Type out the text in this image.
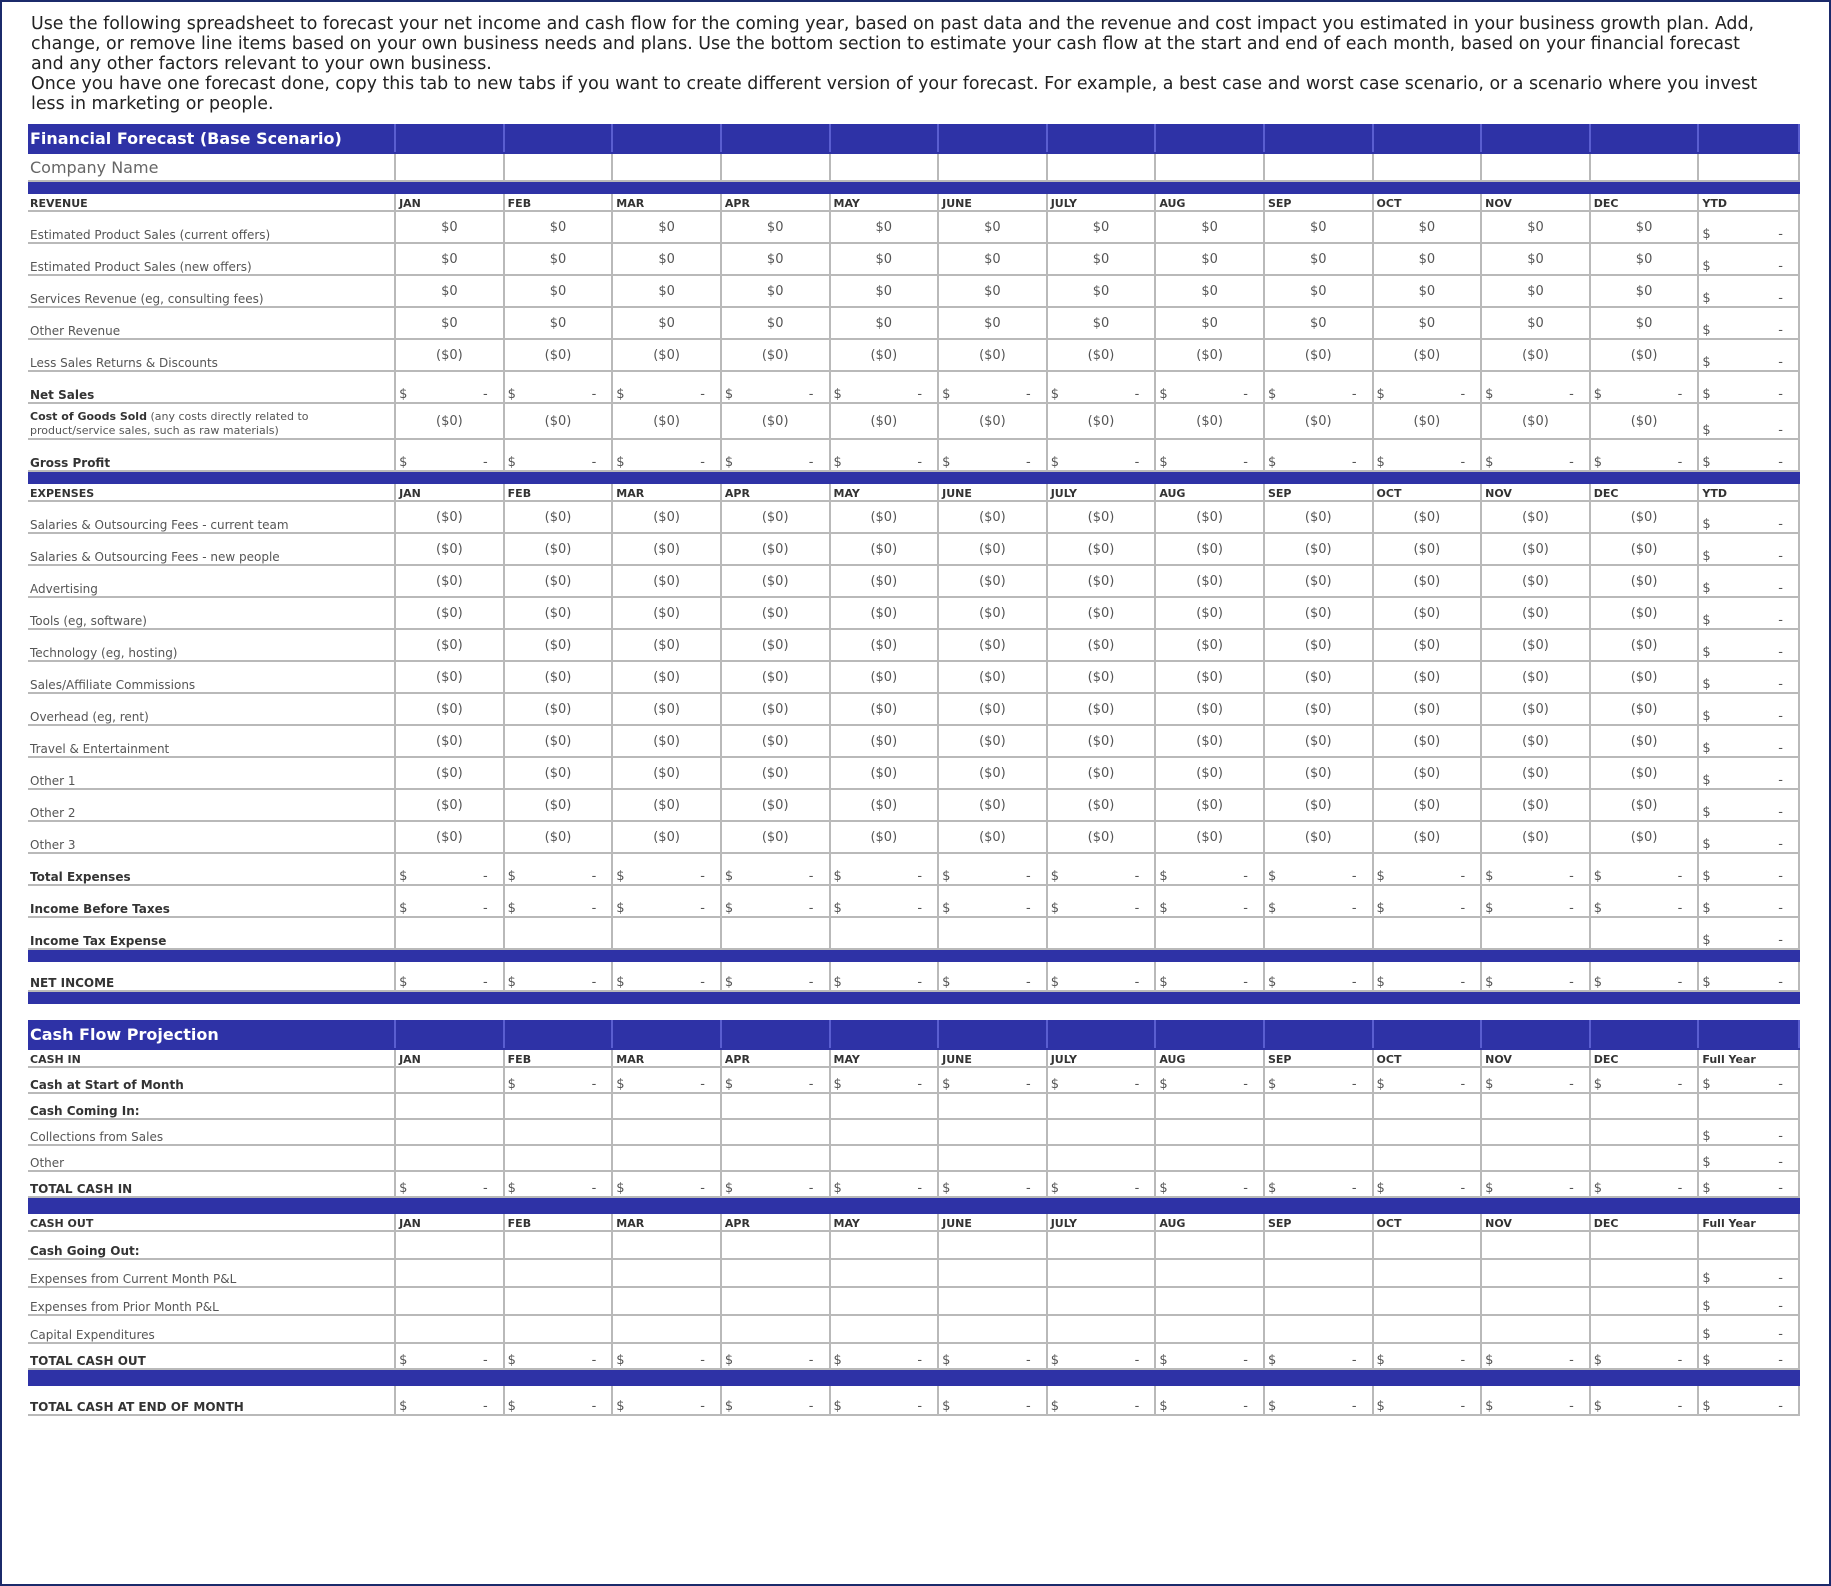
Use the following spreadsheet to forecast your net income and cash flow for the coming year, based on past data and the revenue and cost impact you estimated in your business growth plan. Add, change, or remove line items based on your own business needs and plans. Use the bottom section to estimate your cash flow at the start and end of each month, based on your financial forecast and any other factors relevant to your own business.

Once you have one forecast done, copy this tab to new tabs if you want to create different version of your forecast. For example, a best case and worst case scenario, or a scenario where you invest less in marketing or people.

Financial Forecast (Base Scenario)													
Company Name													

REVENUE	JAN	FEB	MAR	APR	MAY	JUNE	JULY	AUG	SEP	OCT	NOV	DEC	YTD
Estimated Product Sales (current offers)	$0	$0	$0	$0	$0	$0	$0	$0	$0	$0	$0	$0	$ -

Estimated Product Sales (new offers)	$0	$0	$0	$0	$0	$0	$0	$0	$0	$0	$0	$0	$ -

Services Revenue (eg, consulting fees)	$0	$0	$0	$0	$0	$0	$0	$0	$0	$0	$0	$0	$ -

Other Revenue	$0	$0	$0	$0	$0	$0	$0	$0	$0	$0	$0	$0	$ -

Less Sales Returns & Discounts	($0)	($0)	($0)	($0)	($0)	($0)	($0)	($0)	($0)	($0)	($0)	($0)	$ -

Net Sales	$ -	$ -	$ -	$ -	$ -	$ -	$ -	$ -	$ -	$ -	$ -	$ -	$ -

Cost of Goods Sold (any costs directly related to product/service sales, such as raw materials)	($0)	($0)	($0)	($0)	($0)	($0)	($0)	($0)	($0)	($0)	($0)	($0)	$ -

Gross Profit	$ -	$ -	$ -	$ -	$ -	$ -	$ -	$ -	$ -	$ -	$ -	$ -	$ -

EXPENSES	JAN	FEB	MAR	APR	MAY	JUNE	JULY	AUG	SEP	OCT	NOV	DEC	YTD
Salaries & Outsourcing Fees - current team	($0)	($0)	($0)	($0)	($0)	($0)	($0)	($0)	($0)	($0)	($0)	($0)	$ -

Salaries & Outsourcing Fees - new people	($0)	($0)	($0)	($0)	($0)	($0)	($0)	($0)	($0)	($0)	($0)	($0)	$ -

Advertising	($0)	($0)	($0)	($0)	($0)	($0)	($0)	($0)	($0)	($0)	($0)	($0)	$ -

Tools (eg, software)	($0)	($0)	($0)	($0)	($0)	($0)	($0)	($0)	($0)	($0)	($0)	($0)	$ -

Technology (eg, hosting)	($0)	($0)	($0)	($0)	($0)	($0)	($0)	($0)	($0)	($0)	($0)	($0)	$ -

Sales/Affiliate Commissions	($0)	($0)	($0)	($0)	($0)	($0)	($0)	($0)	($0)	($0)	($0)	($0)	$ -

Overhead (eg, rent)	($0)	($0)	($0)	($0)	($0)	($0)	($0)	($0)	($0)	($0)	($0)	($0)	$ -

Travel & Entertainment	($0)	($0)	($0)	($0)	($0)	($0)	($0)	($0)	($0)	($0)	($0)	($0)	$ -

Other 1	($0)	($0)	($0)	($0)	($0)	($0)	($0)	($0)	($0)	($0)	($0)	($0)	$ -

Other 2	($0)	($0)	($0)	($0)	($0)	($0)	($0)	($0)	($0)	($0)	($0)	($0)	$ -

Other 3	($0)	($0)	($0)	($0)	($0)	($0)	($0)	($0)	($0)	($0)	($0)	($0)	$ -

Total Expenses	$ -	$ -	$ -	$ -	$ -	$ -	$ -	$ -	$ -	$ -	$ -	$ -	$ -

Income Before Taxes	$ -	$ -	$ -	$ -	$ -	$ -	$ -	$ -	$ -	$ -	$ -	$ -	$ -

Income Tax Expense													$ -

NET INCOME	$ -	$ -	$ -	$ -	$ -	$ -	$ -	$ -	$ -	$ -	$ -	$ -	$ -

Cash Flow Projection													
CASH IN	JAN	FEB	MAR	APR	MAY	JUNE	JULY	AUG	SEP	OCT	NOV	DEC	Full Year
Cash at Start of Month		$ -	$ -	$ -	$ -	$ -	$ -	$ -	$ -	$ -	$ -	$ -	$ -

Cash Coming In:													
Collections from Sales													$ -

Other													$ -

TOTAL CASH IN	$ -	$ -	$ -	$ -	$ -	$ -	$ -	$ -	$ -	$ -	$ -	$ -	$ -

CASH OUT	JAN	FEB	MAR	APR	MAY	JUNE	JULY	AUG	SEP	OCT	NOV	DEC	Full Year
Cash Going Out:													
Expenses from Current Month P&L													$ -

Expenses from Prior Month P&L													$ -

Capital Expenditures													$ -

TOTAL CASH OUT	$ -	$ -	$ -	$ -	$ -	$ -	$ -	$ -	$ -	$ -	$ -	$ -	$ -

TOTAL CASH AT END OF MONTH	$ -	$ -	$ -	$ -	$ -	$ -	$ -	$ -	$ -	$ -	$ -	$ -	$ -
